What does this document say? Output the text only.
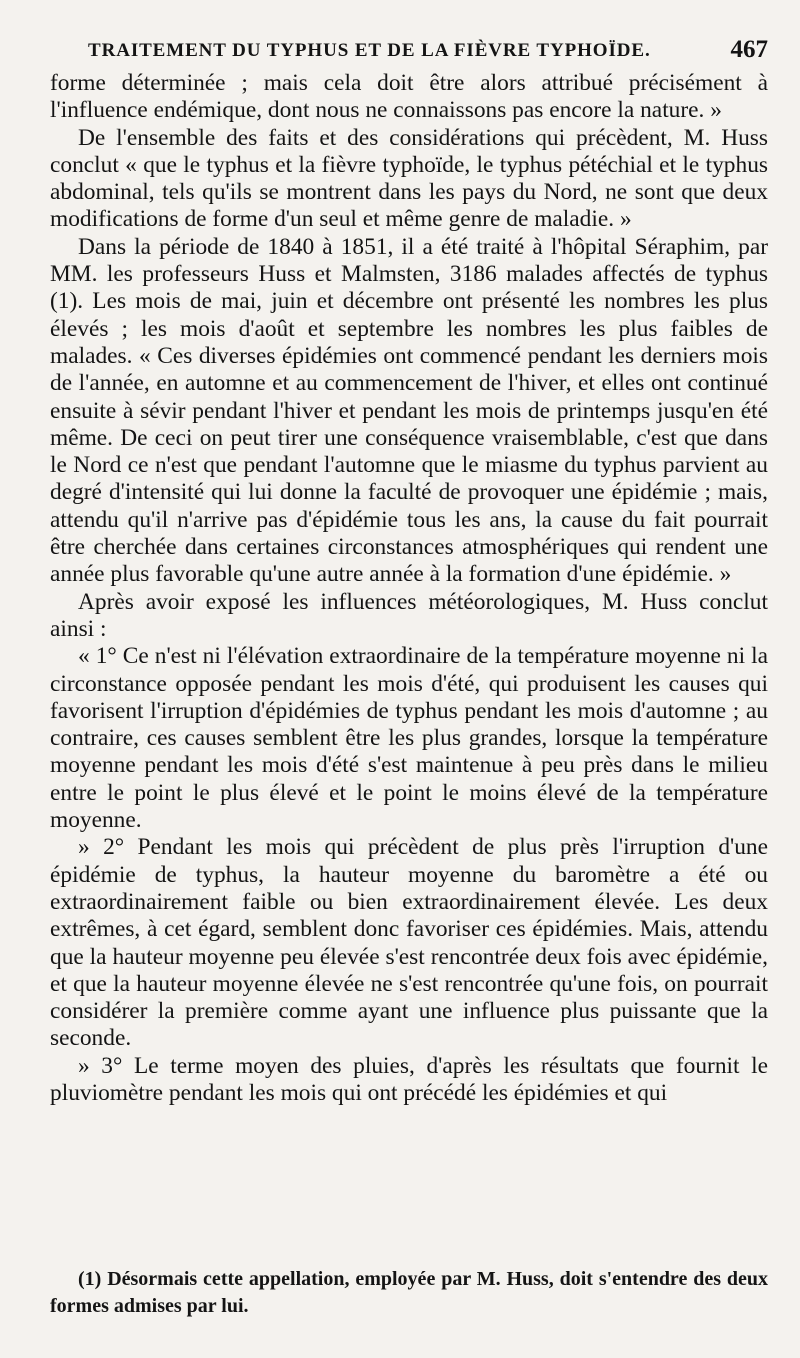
TRAITEMENT DU TYPHUS ET DE LA FIÈVRE TYPHOÏDE.	467

forme déterminée ; mais cela doit être alors attribué précisément à l'influence endémique, dont nous ne connaissons pas encore la nature. »

De l'ensemble des faits et des considérations qui précèdent, M. Huss conclut « que le typhus et la fièvre typhoïde, le typhus pétéchial et le typhus abdominal, tels qu'ils se montrent dans les pays du Nord, ne sont que deux modifications de forme d'un seul et même genre de maladie. »

Dans la période de 1840 à 1851, il a été traité à l'hôpital Séraphim, par MM. les professeurs Huss et Malmsten, 3186 malades affectés de typhus (1). Les mois de mai, juin et décembre ont présenté les nombres les plus élevés ; les mois d'août et septembre les nombres les plus faibles de malades. « Ces diverses épidémies ont commencé pendant les derniers mois de l'année, en automne et au commencement de l'hiver, et elles ont continué ensuite à sévir pendant l'hiver et pendant les mois de printemps jusqu'en été même. De ceci on peut tirer une conséquence vraisemblable, c'est que dans le Nord ce n'est que pendant l'automne que le miasme du typhus parvient au degré d'intensité qui lui donne la faculté de provoquer une épidémie ; mais, attendu qu'il n'arrive pas d'épidémie tous les ans, la cause du fait pourrait être cherchée dans certaines circonstances atmosphériques qui rendent une année plus favorable qu'une autre année à la formation d'une épidémie. »

Après avoir exposé les influences météorologiques, M. Huss conclut ainsi :

« 1° Ce n'est ni l'élévation extraordinaire de la température moyenne ni la circonstance opposée pendant les mois d'été, qui produisent les causes qui favorisent l'irruption d'épidémies de typhus pendant les mois d'automne ; au contraire, ces causes semblent être les plus grandes, lorsque la température moyenne pendant les mois d'été s'est maintenue à peu près dans le milieu entre le point le plus élevé et le point le moins élevé de la température moyenne.

» 2° Pendant les mois qui précèdent de plus près l'irruption d'une épidémie de typhus, la hauteur moyenne du baromètre a été ou extraordinairement faible ou bien extraordinairement élevée. Les deux extrêmes, à cet égard, semblent donc favoriser ces épidémies. Mais, attendu que la hauteur moyenne peu élevée s'est rencontrée deux fois avec épidémie, et que la hauteur moyenne élevée ne s'est rencontrée qu'une fois, on pourrait considérer la première comme ayant une influence plus puissante que la seconde.

» 3° Le terme moyen des pluies, d'après les résultats que fournit le pluviomètre pendant les mois qui ont précédé les épidémies et qui

(1) Désormais cette appellation, employée par M. Huss, doit s'entendre des deux formes admises par lui.
